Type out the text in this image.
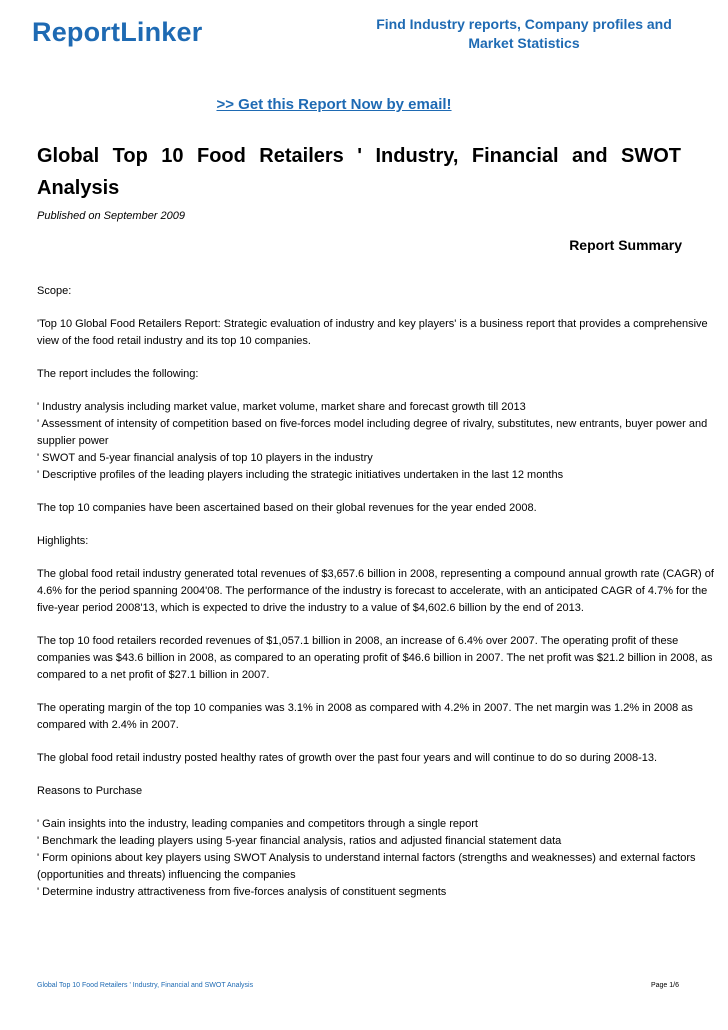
ReportLinker	Find Industry reports, Company profiles and Market Statistics
>> Get this Report Now by email!
Global Top 10 Food Retailers ' Industry, Financial and SWOT Analysis
Published on September 2009
Report Summary

Scope:

'Top 10 Global Food Retailers Report: Strategic evaluation of industry and key players' is a business report that provides a comprehensive view of the food retail industry and its top 10 companies.

The report includes the following:

' Industry analysis including market value, market volume, market share and forecast growth till 2013
' Assessment of intensity of competition based on five-forces model including degree of rivalry, substitutes, new entrants, buyer power and supplier power
' SWOT and 5-year financial analysis of top 10 players in the industry
' Descriptive profiles of the leading players including the strategic initiatives undertaken in the last 12 months

The top 10 companies have been ascertained based on their global revenues for the year ended 2008.

Highlights:

The global food retail industry generated total revenues of $3,657.6 billion in 2008, representing a compound annual growth rate (CAGR) of 4.6% for the period spanning 2004'08. The performance of the industry is forecast to accelerate, with an anticipated CAGR of 4.7% for the five-year period 2008'13, which is expected to drive the industry to a value of $4,602.6 billion by the end of 2013.

The top 10 food retailers recorded revenues of $1,057.1 billion in 2008, an increase of 6.4% over 2007. The operating profit of these companies was $43.6 billion in 2008, as compared to an operating profit of $46.6 billion in 2007. The net profit was $21.2 billion in 2008, as compared to a net profit of $27.1 billion in 2007.

The operating margin of the top 10 companies was 3.1% in 2008 as compared with 4.2% in 2007. The net margin was 1.2% in 2008 as compared with 2.4% in 2007.

The global food retail industry posted healthy rates of growth over the past four years and will continue to do so during 2008-13.

Reasons to Purchase

' Gain insights into the industry, leading companies and competitors through a single report
' Benchmark the leading players using 5-year financial analysis, ratios and adjusted financial statement data
' Form opinions about key players using SWOT Analysis to understand internal factors (strengths and weaknesses) and external factors (opportunities and threats) influencing the companies
' Determine industry attractiveness from five-forces analysis of constituent segments

Global Top 10 Food Retailers ' Industry, Financial and SWOT Analysis	Page 1/6
